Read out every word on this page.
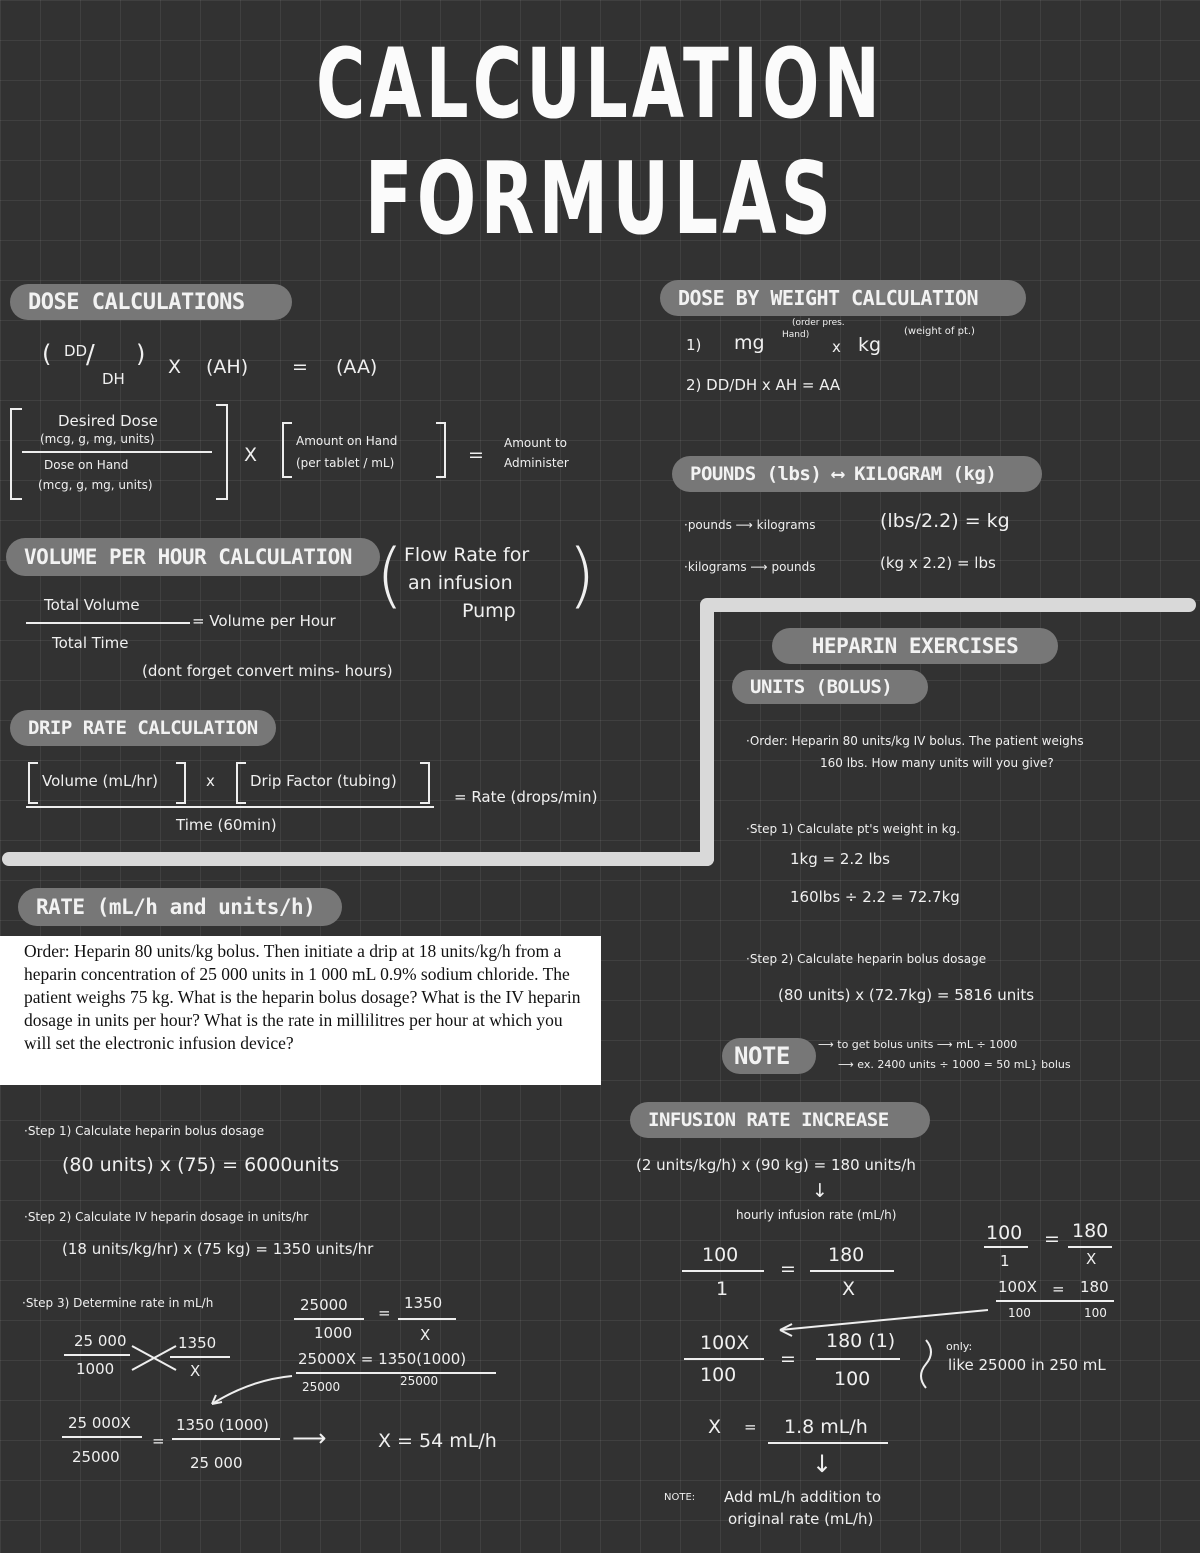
CALCULATION
FORMULAS
DOSE CALCULATIONS
( DD
/
DH
) X (AH) = (AA)
Desired Dose
(mcg, g, mg, units)
Dose on Hand
(mcg, g, mg, units)
X
Amount on Hand
(per tablet / mL)	=
Amount to
Administer
VOLUME PER HOUR CALCULATION ( Flow Rate for
an infusion
Pump )
Total Volume
Total Time
= Volume per Hour
(dont forget convert mins- hours)
DRIP RATE CALCULATION
Volume (mL/hr)	x Drip Factor (tubing)
Time (60min)
= Rate (drops/min)
RATE (mL/h and units/h)
Order: Heparin 80 units/kg bolus. Then initiate a drip at 18 units/kg/h from a heparin concentration of 25 000 units in 1 000 mL 0.9% sodium chloride. The patient weighs 75 kg. What is the heparin bolus dosage? What is the IV heparin dosage in units per hour? What is the rate in millilitres per hour at which you will set the electronic infusion device?
·Step 1) Calculate heparin bolus dosage
(80 units) x (75) = 6000units
·Step 2) Calculate IV heparin dosage in units/hr
(18 units/kg/hr) x (75 kg) = 1350 units/hr
·Step 3) Determine rate in mL/h
25 000
1000
1350
X
25000
1000
=
1350
X
25000X = 1350(1000)
25000	25000
25 000X
25000
=
1350 (1000)
25 000
⟶	X = 54 mL/h
DOSE BY WEIGHT CALCULATION
1) mg
(order pres.
Hand)
x kg
(weight of pt.)
2) DD/DH x AH = AA
POUNDS (lbs) ⟷ KILOGRAM (kg)
·pounds ⟶ kilograms	(lbs/2.2) = kg
·kilograms ⟶ pounds	(kg x 2.2) = lbs
HEPARIN EXERCISES
UNITS (BOLUS)
·Order: Heparin 80 units/kg IV bolus. The patient weighs
160 lbs. How many units will you give?
·Step 1) Calculate pt's weight in kg.
1kg = 2.2 lbs
160lbs ÷ 2.2 = 72.7kg
·Step 2) Calculate heparin bolus dosage
(80 units) x (72.7kg) = 5816 units
NOTE	⟶ to get bolus units ⟶ mL ÷ 1000
⟶ ex. 2400 units ÷ 1000 = 50 mL} bolus
INFUSION RATE INCREASE
(2 units/kg/h) x (90 kg) = 180 units/h
↓
hourly infusion rate (mL/h)
100
1
=
180
X
100X
100
=
180 (1)
100
only:
like 25000 in 250 mL
X = 1.8 mL/h
↓
NOTE: Add mL/h addition to
original rate (mL/h)
100
1
= 180
X
100X = 180
100	100
